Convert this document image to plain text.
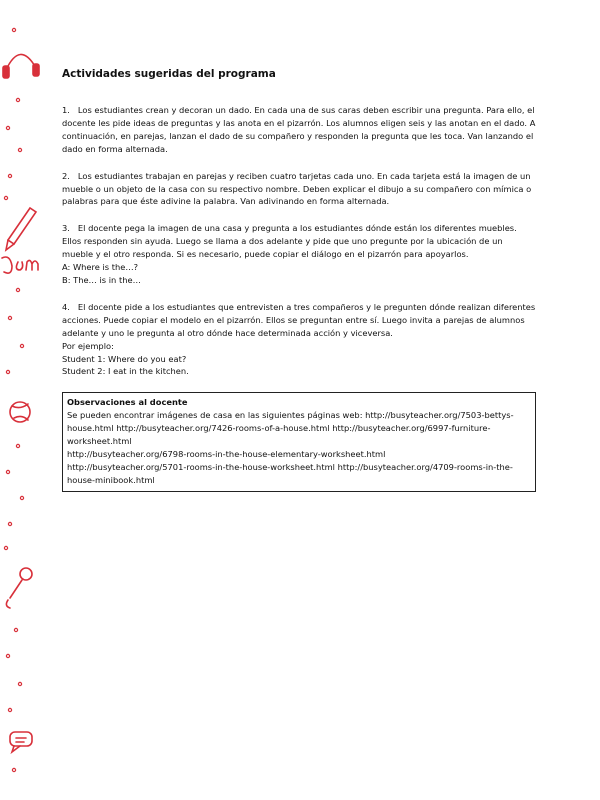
Actividades sugeridas del programa

1. Los estudiantes crean y decoran un dado. En cada una de sus caras deben escribir una pregunta. Para ello, el docente les pide ideas de preguntas y las anota en el pizarrón. Los alumnos eligen seis y las anotan en el dado. A continuación, en parejas, lanzan el dado de su compañero y responden la pregunta que les toca. Van lanzando el dado en forma alternada.

2. Los estudiantes trabajan en parejas y reciben cuatro tarjetas cada uno. En cada tarjeta está la imagen de un mueble o un objeto de la casa con su respectivo nombre. Deben explicar el dibujo a su compañero con mímica o palabras para que éste adivine la palabra. Van adivinando en forma alternada.

3. El docente pega la imagen de una casa y pregunta a los estudiantes dónde están los diferentes muebles.

Ellos responden sin ayuda. Luego se llama a dos adelante y pide que uno pregunte por la ubicación de un mueble y el otro responda. Si es necesario, puede copiar el diálogo en el pizarrón para apoyarlos.

A: Where is the…?

B: The… is in the…

4. El docente pide a los estudiantes que entrevisten a tres compañeros y le pregunten dónde realizan diferentes acciones. Puede copiar el modelo en el pizarrón. Ellos se preguntan entre sí. Luego invita a parejas de alumnos adelante y uno le pregunta al otro dónde hace determinada acción y viceversa.

Por ejemplo:

Student 1: Where do you eat?

Student 2: I eat in the kitchen.

Observaciones al docente

Se pueden encontrar imágenes de casa en las siguientes páginas web: http://busyteacher.org/7503-bettys-house.html http://busyteacher.org/7426-rooms-of-a-house.html http://busyteacher.org/6997-furniture-worksheet.html

http://busyteacher.org/6798-rooms-in-the-house-elementary-worksheet.html

http://busyteacher.org/5701-rooms-in-the-house-worksheet.html http://busyteacher.org/4709-rooms-in-the-house-minibook.html
